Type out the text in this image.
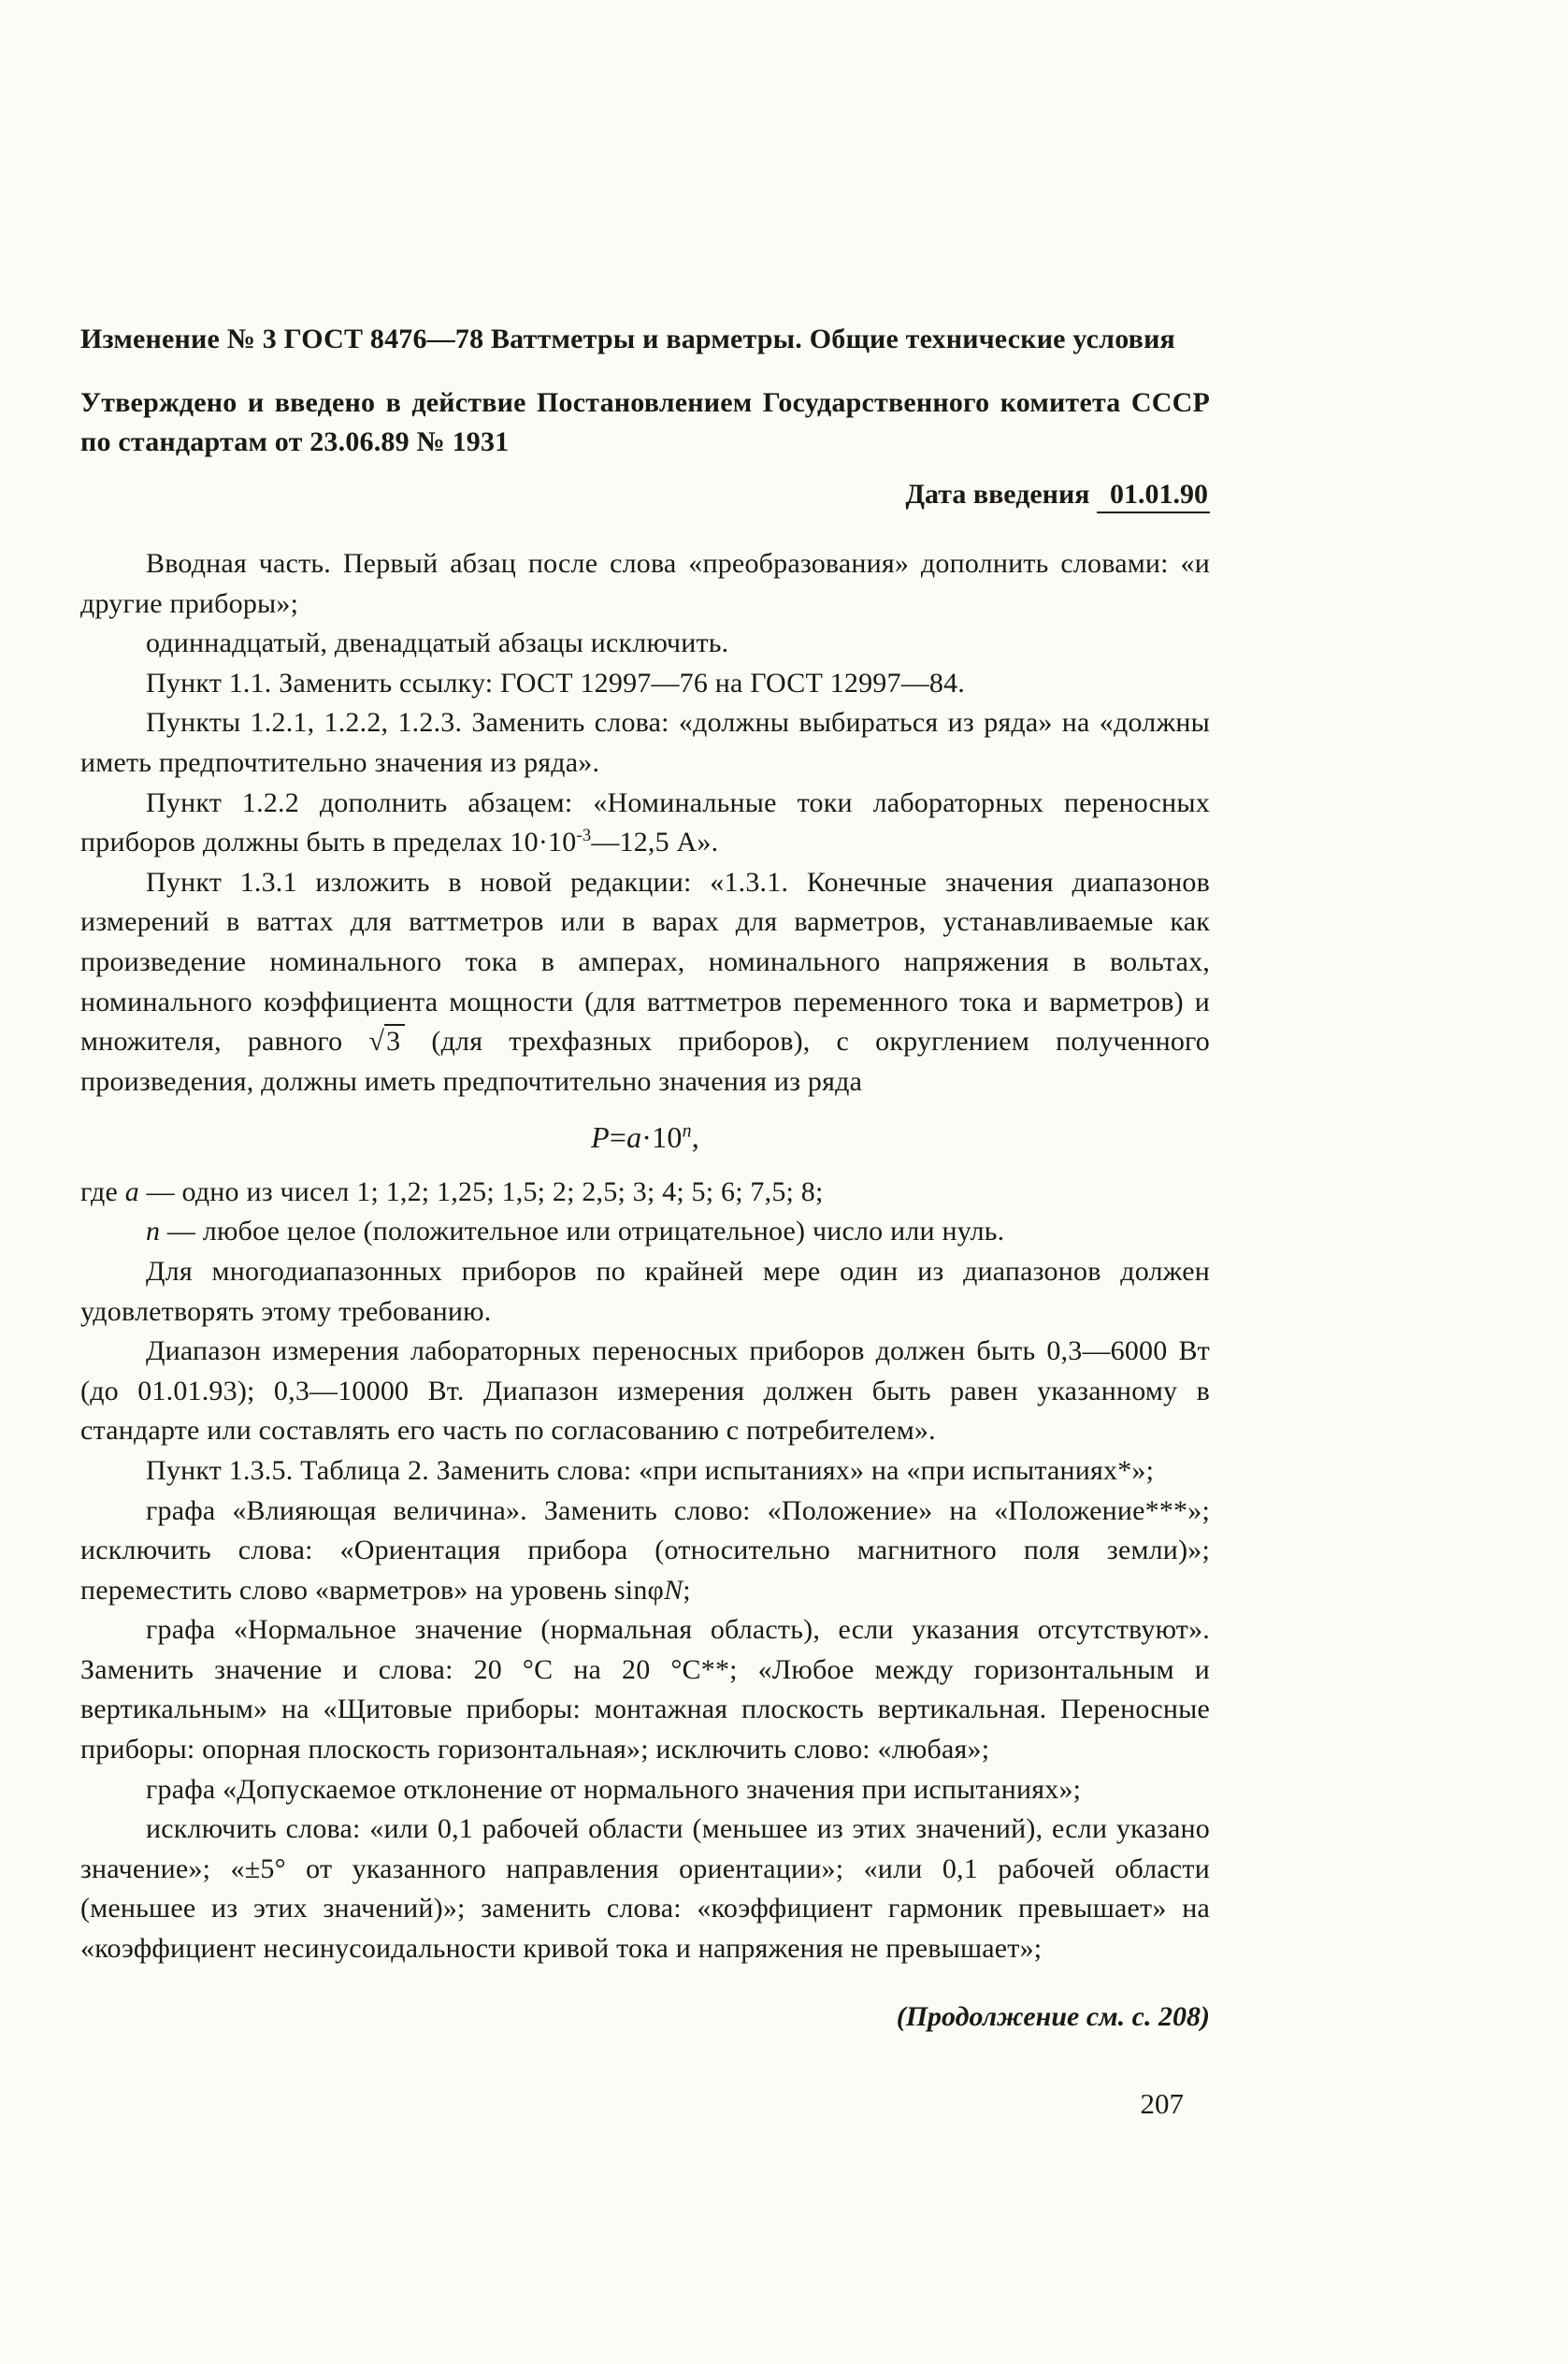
Изменение № 3 ГОСТ 8476—78 Ваттметры и варметры. Общие технические условия
Утверждено и введено в действие Постановлением Государственного комитета СССР по стандартам от 23.06.89 № 1931
Дата введения 01.01.90
Вводная часть. Первый абзац после слова «преобразования» дополнить словами: «и другие приборы»;
одиннадцатый, двенадцатый абзацы исключить.
Пункт 1.1. Заменить ссылку: ГОСТ 12997—76 на ГОСТ 12997—84.
Пункты 1.2.1, 1.2.2, 1.2.3. Заменить слова: «должны выбираться из ряда» на «должны иметь предпочтительно значения из ряда».
Пункт 1.2.2 дополнить абзацем: «Номинальные токи лабораторных переносных приборов должны быть в пределах $10\cdot 10^{-3}—12,5$ А».
Пункт 1.3.1 изложить в новой редакции: «1.3.1. Конечные значения диапазонов измерений в ваттах для ваттметров или в варах для варметров, устанавливаемые как произведение номинального тока в амперах, номинального напряжения в вольтах, номинального коэффициента мощности (для ваттметров переменного тока и варметров) и множителя, равного √3 (для трехфазных приборов), с округлением полученного произведения, должны иметь предпочтительно значения из ряда
$P=a\cdot 10^n$,
где a — одно из чисел 1; 1,2; 1,25; 1,5; 2; 2,5; 3; 4; 5; 6; 7,5; 8;
n — любое целое (положительное или отрицательное) число или нуль.
Для многодиапазонных приборов по крайней мере один из диапазонов должен удовлетворять этому требованию.
Диапазон измерения лабораторных переносных приборов должен быть 0,3—6000 Вт (до 01.01.93); 0,3—10000 Вт. Диапазон измерения должен быть равен указанному в стандарте или составлять его часть по согласованию с потребителем».
Пункт 1.3.5. Таблица 2. Заменить слова: «при испытаниях» на «при испытаниях*»;
графа «Влияющая величина». Заменить слово: «Положение» на «Положение***»; исключить слова: «Ориентация прибора (относительно магнитного поля земли)»; переместить слово «варметров» на уровень sinφN;
графа «Нормальное значение (нормальная область), если указания отсутствуют». Заменить значение и слова: 20 °С на 20 °С**; «Любое между горизонтальным и вертикальным» на «Щитовые приборы: монтажная плоскость вертикальная. Переносные приборы: опорная плоскость горизонтальная»; исключить слово: «любая»;
графа «Допускаемое отклонение от нормального значения при испытаниях»;
исключить слова: «или 0,1 рабочей области (меньшее из этих значений), если указано значение»; «±5° от указанного направления ориентации»; «или 0,1 рабочей области (меньшее из этих значений)»; заменить слова: «коэффициент гармоник превышает» на «коэффициент несинусоидальности кривой тока и напряжения не превышает»;
(Продолжение см. с. 208)
207
